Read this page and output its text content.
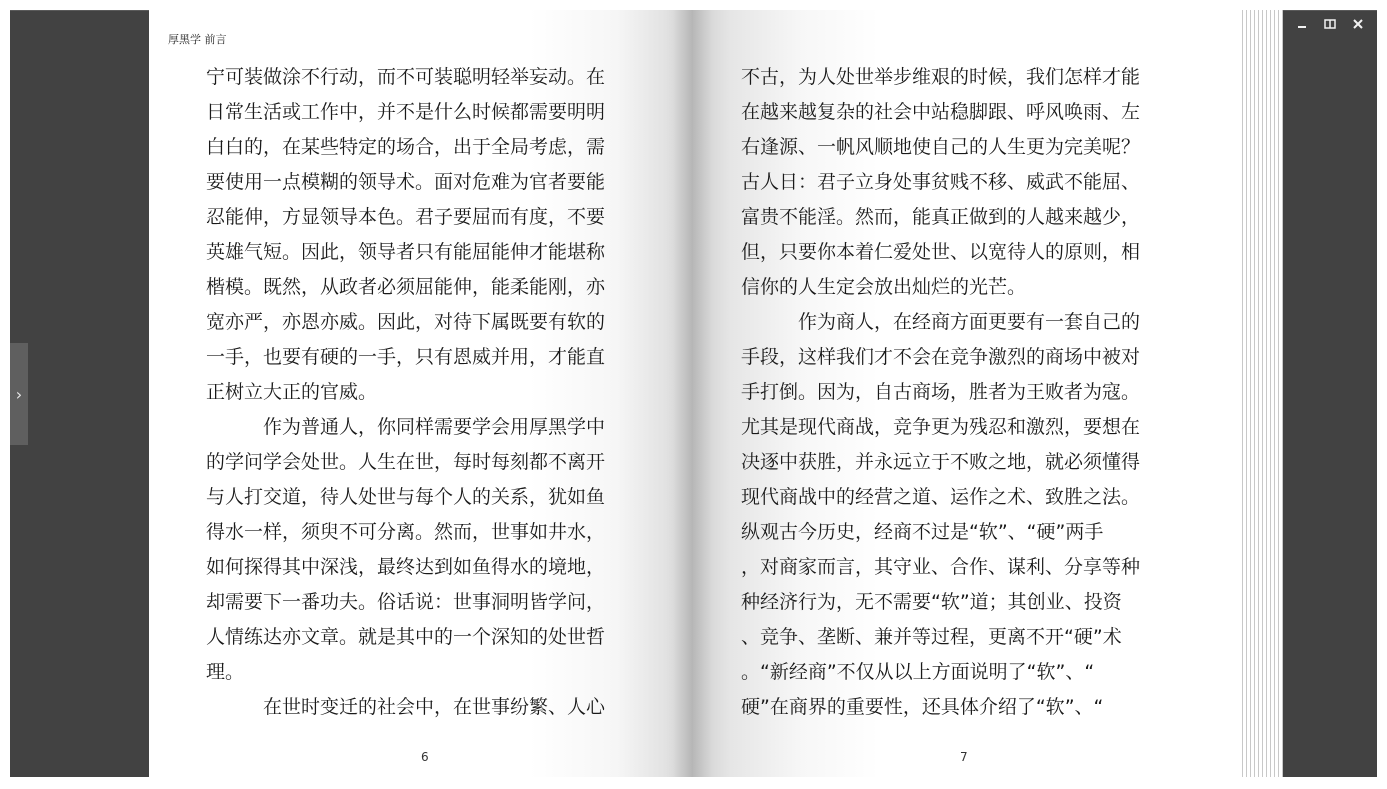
›
厚黑学 前言
宁可装做涂不行动，而不可装聪明轻举妄动。在
日常生活或工作中，并不是什么时候都需要明明
白白的，在某些特定的场合，出于全局考虑，需
要使用一点模糊的领导术。面对危难为官者要能
忍能伸，方显领导本色。君子要屈而有度，不要
英雄气短。因此，领导者只有能屈能伸才能堪称
楷模。既然，从政者必须屈能伸，能柔能刚，亦
宽亦严，亦恩亦威。因此，对待下属既要有软的
一手，也要有硬的一手，只有恩威并用，才能直
正树立大正的官威。
　　　作为普通人，你同样需要学会用厚黑学中
的学问学会处世。人生在世，每时每刻都不离开
与人打交道，待人处世与每个人的关系，犹如鱼
得水一样，须臾不可分离。然而，世事如井水，
如何探得其中深浅，最终达到如鱼得水的境地，
却需要下一番功夫。俗话说：世事洞明皆学问，
人情练达亦文章。就是其中的一个深知的处世哲
理。
　　　在世时变迁的社会中，在世事纷繁、人心
6
不古，为人处世举步维艰的时候，我们怎样才能
在越来越复杂的社会中站稳脚跟、呼风唤雨、左
右逢源、一帆风顺地使自己的人生更为完美呢？
古人日：君子立身处事贫贱不移、威武不能屈、
富贵不能淫。然而，能真正做到的人越来越少，
但，只要你本着仁爱处世、以宽待人的原则，相
信你的人生定会放出灿烂的光芒。
　　　作为商人，在经商方面更要有一套自己的
手段，这样我们才不会在竞争激烈的商场中被对
手打倒。因为，自古商场，胜者为王败者为寇。
尤其是现代商战，竞争更为残忍和激烈，要想在
决逐中获胜，并永远立于不败之地，就必须懂得
现代商战中的经营之道、运作之术、致胜之法。
纵观古今历史，经商不过是“软”、“硬”两手
，对商家而言，其守业、合作、谋利、分享等种
种经济行为，无不需要“软”道；其创业、投资
、竞争、垄断、兼并等过程，更离不开“硬”术
。“新经商”不仅从以上方面说明了“软”、“
硬”在商界的重要性，还具体介绍了“软”、“
7
